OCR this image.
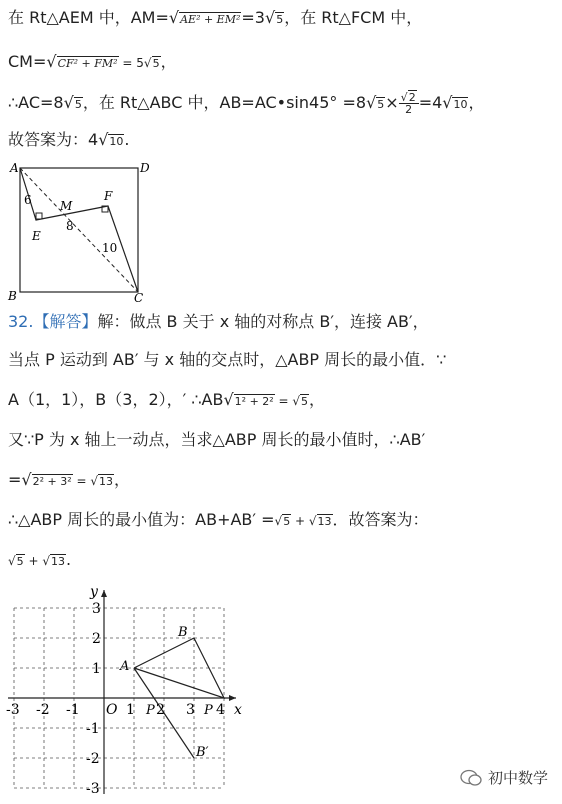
在 Rt△AEM 中，AM=√AE² + EM²=3√5，在 Rt△FCM 中，
CM=√CF² + FM² = 5√5，
∴AC=8√5，在 Rt△ABC 中，AB=AC•sin45° $=8√5\times \frac{√2}{2} =4√10$，
故答案为：4√10.
A	D
B	C
E
F
M
6
8
10
32.【解答】解：做点 B 关于 x 轴的对称点 B′，连接 AB′，
当点 P 运动到 AB′ 与 x 轴的交点时，△ABP 周长的最小值．∵
A（1，1），B（3，2），′ ∴AB√1² + 2² = √5，
又∵P 为 x 轴上一动点，当求△ABP 周长的最小值时，∴AB′
=√2² + 3² = √13，
∴△ABP 周长的最小值为：AB+AB′ =√5 + √13．故答案为：
√5 + √13.
-3 -2 -1 O 1 2 3 4
3
2
1
-1
-2
-3
x
y
A
B
P	P
B′
初中数学
